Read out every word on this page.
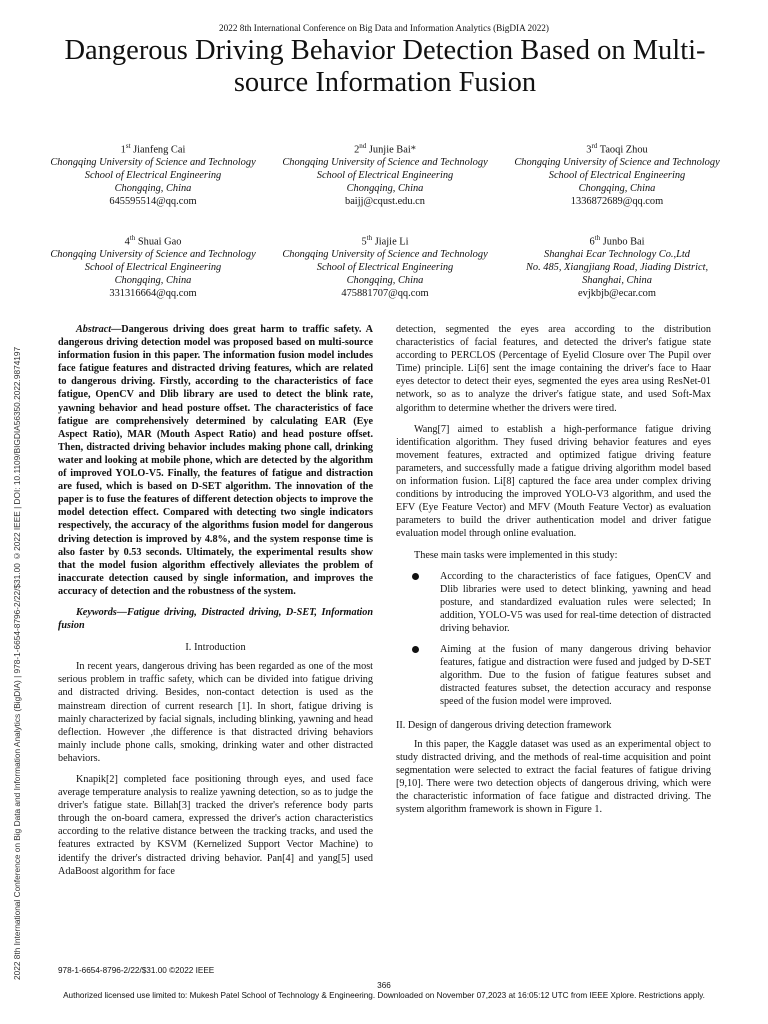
2022 8th International Conference on Big Data and Information Analytics (BigDIA 2022)
Dangerous Driving Behavior Detection Based on Multi-source Information Fusion
1st Jianfeng Cai
Chongqing University of Science and Technology
School of Electrical Engineering
Chongqing, China
645595514@qq.com
2nd Junjie Bai*
Chongqing University of Science and Technology
School of Electrical Engineering
Chongqing, China
baijj@cqust.edu.cn
3rd Taoqi Zhou
Chongqing University of Science and Technology
School of Electrical Engineering
Chongqing, China
1336872689@qq.com
4th Shuai Gao
Chongqing University of Science and Technology
School of Electrical Engineering
Chongqing, China
331316664@qq.com
5th Jiajie Li
Chongqing University of Science and Technology
School of Electrical Engineering
Chongqing, China
475881707@qq.com
6th Junbo Bai
Shanghai Ecar Technology Co.,Ltd
No. 485, Xiangjiang Road, Jiading District, Shanghai, China
evjkbjb@ecar.com
2022 8th International Conference on Big Data and Information Analytics (BigDIA) | 978-1-6654-8796-2/22/$31.00 ©2022 IEEE | DOI: 10.1109/BIGDIA56350.2022.9874197

Abstract—Dangerous driving does great harm to traffic safety. A dangerous driving detection model was proposed based on multi-source information fusion in this paper. The information fusion model includes face fatigue features and distracted driving features, which are related to dangerous driving. Firstly, according to the characteristics of face fatigue, OpenCV and Dlib library are used to detect the blink rate, yawning behavior and head posture offset. The characteristics of face fatigue are comprehensively determined by calculating EAR (Eye Aspect Ratio), MAR (Mouth Aspect Ratio) and head posture offset. Then, distracted driving behavior includes making phone call, drinking water and looking at mobile phone, which are detected by the algorithm of improved YOLO-V5. Finally, the features of fatigue and distraction are fused, which is based on D-SET algorithm. The innovation of the paper is to fuse the features of different detection objects to improve the model detection effect. Compared with detecting two single indicators respectively, the accuracy of the algorithms fusion model for dangerous driving detection is improved by 4.8%, and the system response time is also faster by 0.53 seconds. Ultimately, the experimental results show that the model fusion algorithm effectively alleviates the problem of inaccurate detection caused by single information, and improves the accuracy of detection and the robustness of the system.

Keywords—Fatigue driving, Distracted driving, D-SET, Information fusion

I. Introduction

In recent years, dangerous driving has been regarded as one of the most serious problem in traffic safety, which can be divided into fatigue driving and distracted driving. Besides, non-contact detection is used as the mainstream direction of current research [1]. In short, fatigue driving is mainly characterized by facial signals, including blinking, yawning and head deflection. However ,the difference is that distracted driving behaviors mainly include phone calls, smoking, drinking water and other distracted behaviors.

Knapik[2] completed face positioning through eyes, and used face average temperature analysis to realize yawning detection, so as to judge the driver's fatigue state. Billah[3] tracked the driver's reference body parts through the on-board camera, expressed the driver's action characteristics according to the relative distance between the tracking tracks, and used the features extracted by KSVM (Kernelized Support Vector Machine) to identify the driver's distracted driving behavior. Pan[4] and yang[5] used AdaBoost algorithm for face

detection, segmented the eyes area according to the distribution characteristics of facial features, and detected the driver's fatigue state according to PERCLOS (Percentage of Eyelid Closure over The Pupil over Time) principle. Li[6] sent the image containing the driver's face to Haar eyes detector to detect their eyes, segmented the eyes area using ResNet-01 network, so as to analyze the driver's fatigue state, and used Soft-Max algorithm to determine whether the drivers were tired.

Wang[7] aimed to establish a high-performance fatigue driving identification algorithm. They fused driving behavior features and eyes movement features, extracted and optimized fatigue driving feature parameters, and successfully made a fatigue driving algorithm model based on information fusion. Li[8] captured the face area under complex driving conditions by introducing the improved YOLO-V3 algorithm, and used the EFV (Eye Feature Vector) and MFV (Mouth Feature Vector) as evaluation parameters to build the driver authentication model and driver fatigue evaluation model through online evaluation.

These main tasks were implemented in this study:

According to the characteristics of face fatigues, OpenCV and Dlib libraries were used to detect blinking, yawning and head posture, and standardized evaluation rules were selected; In addition, YOLO-V5 was used for real-time detection of distracted driving behavior.

Aiming at the fusion of many dangerous driving behavior features, fatigue and distraction were fused and judged by D-SET algorithm. Due to the fusion of fatigue features subset and distracted features subset, the detection accuracy and response speed of the fusion model were improved.

II. Design of dangerous driving detection framework

In this paper, the Kaggle dataset was used as an experimental object to study distracted driving, and the methods of real-time acquisition and point segmentation were selected to extract the facial features of fatigue driving [9,10]. There were two detection objects of dangerous driving, which were the characteristic information of face fatigue and distracted driving. The system algorithm framework is shown in Figure 1.

978-1-6654-8796-2/22/$31.00 ©2022 IEEE
366
Authorized licensed use limited to: Mukesh Patel School of Technology & Engineering. Downloaded on November 07,2023 at 16:05:12 UTC from IEEE Xplore. Restrictions apply.
